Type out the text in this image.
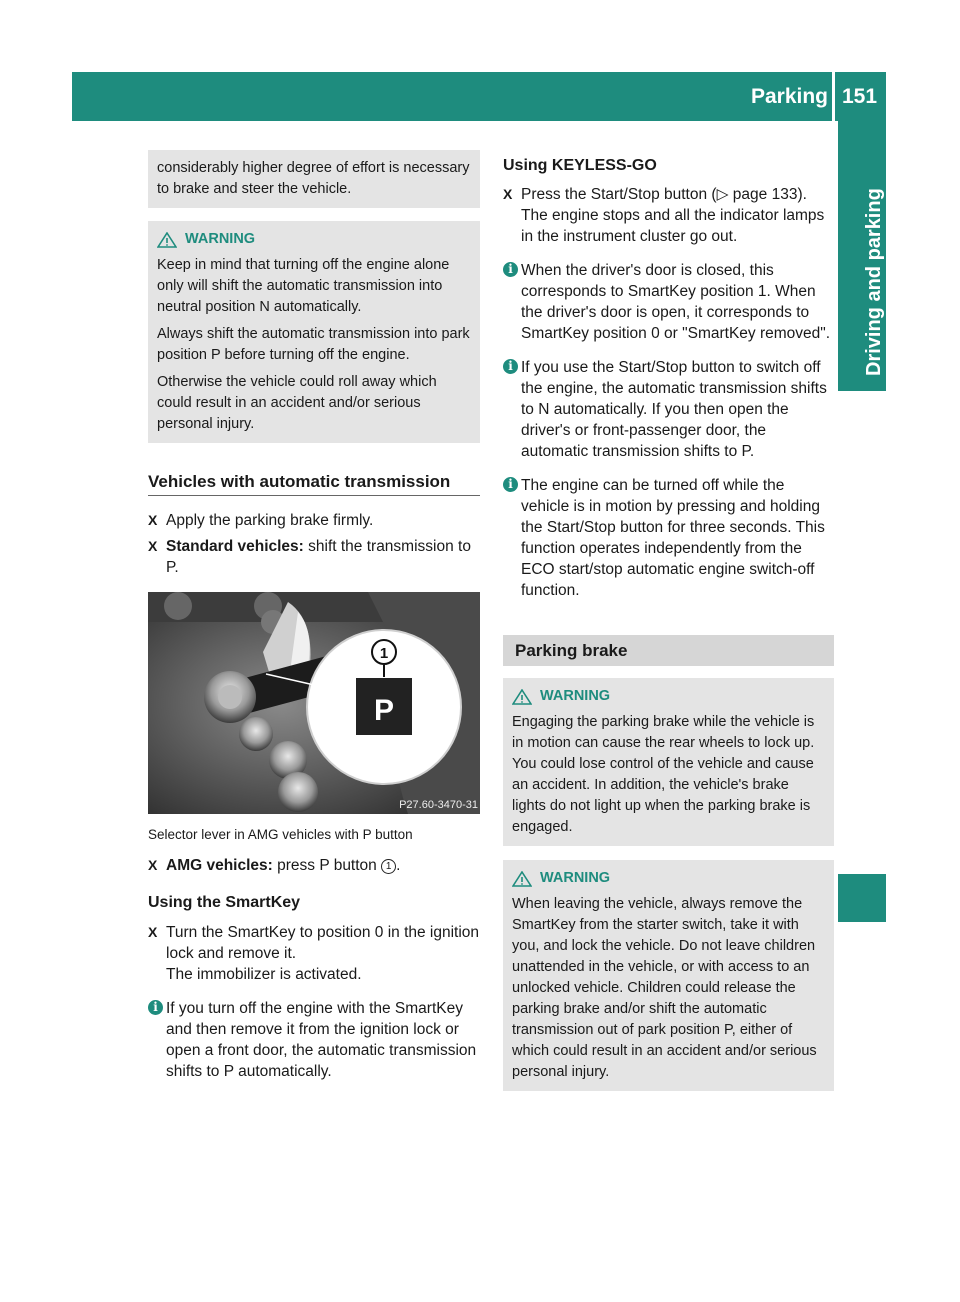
Parking 151
Driving and parking

considerably higher degree of effort is necessary to brake and steer the vehicle.

WARNING

Keep in mind that turning off the engine alone only will shift the automatic transmission into neutral position N automatically.

Always shift the automatic transmission into park position P before turning off the engine.

Otherwise the vehicle could roll away which could result in an accident and/or serious personal injury.

Vehicles with automatic transmission
X Apply the parking brake firmly.
X Standard vehicles: shift the transmission to P.
1
P
P27.60-3470-31
Selector lever in AMG vehicles with P button
X AMG vehicles: press P button 1 .
Using the SmartKey
X Turn the SmartKey to position 0 in the ignition lock and remove it.
The immobilizer is activated.
i If you turn off the engine with the SmartKey and then remove it from the ignition lock or open a front door, the automatic transmission shifts to P automatically.
Using KEYLESS-GO
X Press the Start/Stop button (▷ page 133).
The engine stops and all the indicator lamps in the instrument cluster go out.
i When the driver's door is closed, this corresponds to SmartKey position 1. When the driver's door is open, it corresponds to SmartKey position 0 or "SmartKey removed".
i If you use the Start/Stop button to switch off the engine, the automatic transmission shifts to N automatically. If you then open the driver's or front-passenger door, the automatic transmission shifts to P.
i The engine can be turned off while the vehicle is in motion by pressing and holding the Start/Stop button for three seconds. This function operates independently from the ECO start/stop automatic engine switch-off function.
Parking brake
WARNING

Engaging the parking brake while the vehicle is in motion can cause the rear wheels to lock up. You could lose control of the vehicle and cause an accident. In addition, the vehicle's brake lights do not light up when the parking brake is engaged.

WARNING

When leaving the vehicle, always remove the SmartKey from the starter switch, take it with you, and lock the vehicle. Do not leave children unattended in the vehicle, or with access to an unlocked vehicle. Children could release the parking brake and/or shift the automatic transmission out of park position P, either of which could result in an accident and/or serious personal injury.
